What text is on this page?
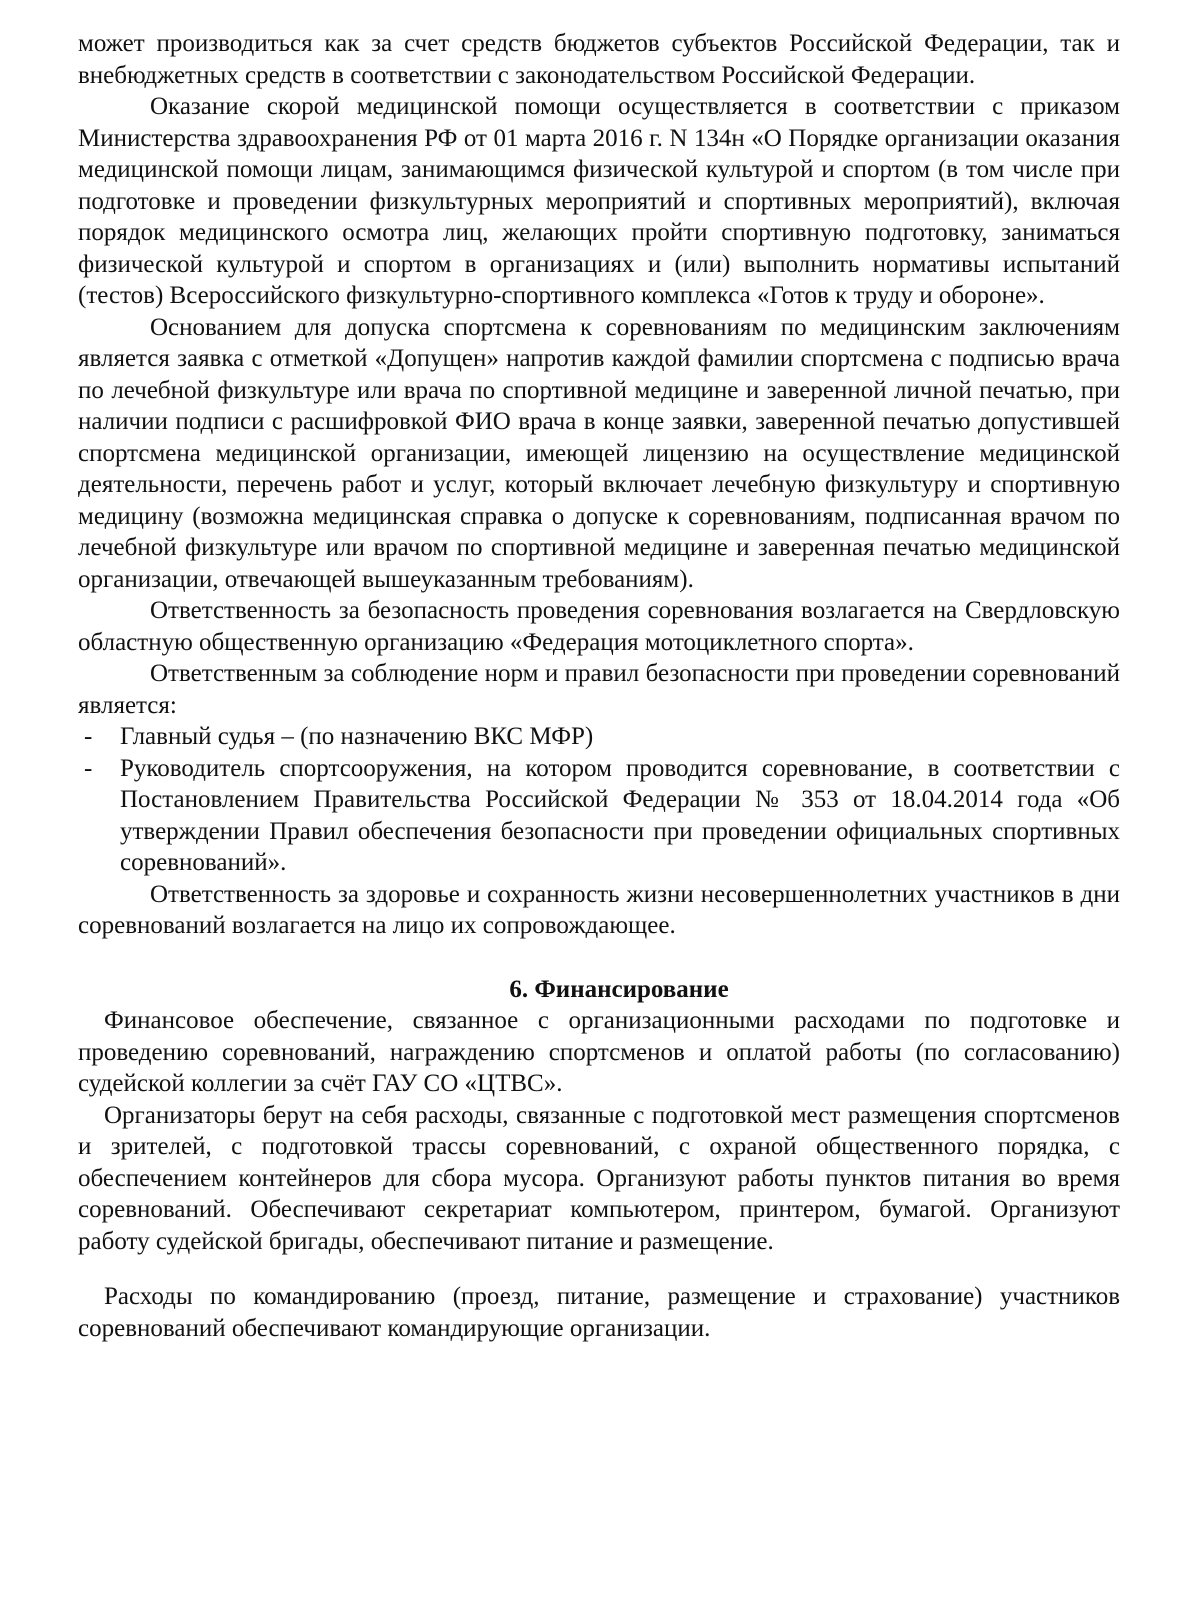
может производиться как за счет средств бюджетов субъектов Российской Федерации, так и внебюджетных средств в соответствии с законодательством Российской Федерации.

Оказание скорой медицинской помощи осуществляется в соответствии с приказом Министерства здравоохранения РФ от 01 марта 2016 г. N 134н «О Порядке организации оказания медицинской помощи лицам, занимающимся физической культурой и спортом (в том числе при подготовке и проведении физкультурных мероприятий и спортивных мероприятий), включая порядок медицинского осмотра лиц, желающих пройти спортивную подготовку, заниматься физической культурой и спортом в организациях и (или) выполнить нормативы испытаний (тестов) Всероссийского физкультурно-спортивного комплекса «Готов к труду и обороне».

Основанием для допуска спортсмена к соревнованиям по медицинским заключениям является заявка с отметкой «Допущен» напротив каждой фамилии спортсмена с подписью врача по лечебной физкультуре или врача по спортивной медицине и заверенной личной печатью, при наличии подписи с расшифровкой ФИО врача в конце заявки, заверенной печатью допустившей спортсмена медицинской организации, имеющей лицензию на осуществление медицинской деятельности, перечень работ и услуг, который включает лечебную физкультуру и спортивную медицину (возможна медицинская справка о допуске к соревнованиям, подписанная врачом по лечебной физкультуре или врачом по спортивной медицине и заверенная печатью медицинской организации, отвечающей вышеуказанным требованиям).

Ответственность за безопасность проведения соревнования возлагается на Свердловскую областную общественную организацию «Федерация мотоциклетного спорта».

Ответственным за соблюдение норм и правил безопасности при проведении соревнований является:

- Главный судья – (по назначению ВКС МФР)
- Руководитель спортсооружения, на котором проводится соревнование, в соответствии с Постановлением Правительства Российской Федерации № 353 от 18.04.2014 года «Об утверждении Правил обеспечения безопасности при проведении официальных спортивных соревнований».

Ответственность за здоровье и сохранность жизни несовершеннолетних участников в дни соревнований возлагается на лицо их сопровождающее.

6. Финансирование

Финансовое обеспечение, связанное с организационными расходами по подготовке и проведению соревнований, награждению спортсменов и оплатой работы (по согласованию) судейской коллегии за счёт ГАУ СО «ЦТВС».

Организаторы берут на себя расходы, связанные с подготовкой мест размещения спортсменов и зрителей, с подготовкой трассы соревнований, с охраной общественного порядка, с обеспечением контейнеров для сбора мусора. Организуют работы пунктов питания во время соревнований. Обеспечивают секретариат компьютером, принтером, бумагой. Организуют работу судейской бригады, обеспечивают питание и размещение.

Расходы по командированию (проезд, питание, размещение и страхование) участников соревнований обеспечивают командирующие организации.
